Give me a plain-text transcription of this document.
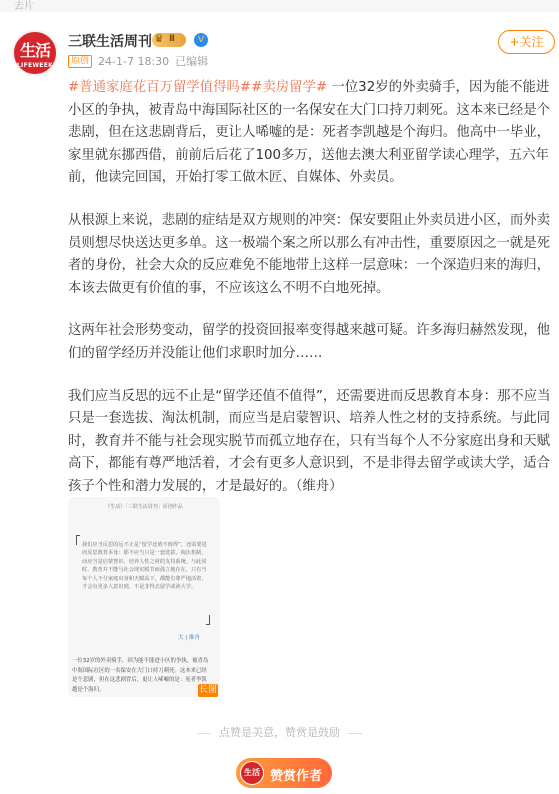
去片
生活
LIFEWEEK
三联生活周刊 ♛ Ⅱ	V
原创 24-1-7 18:30 已编辑
+关注

#普通家庭花百万留学值得吗##卖房留学# 一位32岁的外卖骑手，因为能不能进小区的争执，被青岛中海国际社区的一名保安在大门口持刀刺死。这本来已经是个悲剧，但在这悲剧背后，更让人唏嘘的是：死者李凯越是个海归。他高中一毕业，家里就东挪西借，前前后后花了100多万，送他去澳大利亚留学读心理学，五六年前，他读完回国，开始打零工做木匠、自媒体、外卖员。

从根源上来说，悲剧的症结是双方规则的冲突：保安要阻止外卖员进小区，而外卖员则想尽快送达更多单。这一极端个案之所以那么有冲击性，重要原因之一就是死者的身份，社会大众的反应难免不能地带上这样一层意味：一个深造归来的海归，本该去做更有价值的事，不应该这么不明不白地死掉。

这两年社会形势变动，留学的投资回报率变得越来越可疑。许多海归赫然发现，他们的留学经历并没能让他们求职时加分……

我们应当反思的远不止是“留学还值不值得”，还需要进而反思教育本身：那不应当只是一套选拔、淘汰机制，而应当是启蒙智识、培养人性之材的支持系统。与此同时，教育并不能与社会现实脱节而孤立地存在，只有当每个人不分家庭出身和天赋高下，都能有尊严地活着，才会有更多人意识到，不是非得去留学或读大学，适合孩子个性和潜力发展的，才是最好的。（维舟）

《生活》「三联生活周刊」原创作品
我们应当反思的远不止是“留学还值不值得”，还需要进而反思教育本身：那不应当只是一套选拔、淘汰机制，而应当是启蒙智识、培养人性之材的支持系统。与此同时，教育并不能与社会现实脱节而孤立地存在，只有当每个人不分家庭出身和天赋高下，都能有尊严地活着，才会有更多人意识到，不是非得去留学或读大学。
大 | 维舟
一位32岁的外卖骑手，因为能不能进小区的争执，被青岛中海国际社区的一名保安在大门口持刀刺死。这本来已经是个悲剧，但在这悲剧背后，更让人唏嘘的是：死者李凯越是个海归。	长图
点赞是美意，赞赏是鼓励
生活 赞赏作者
